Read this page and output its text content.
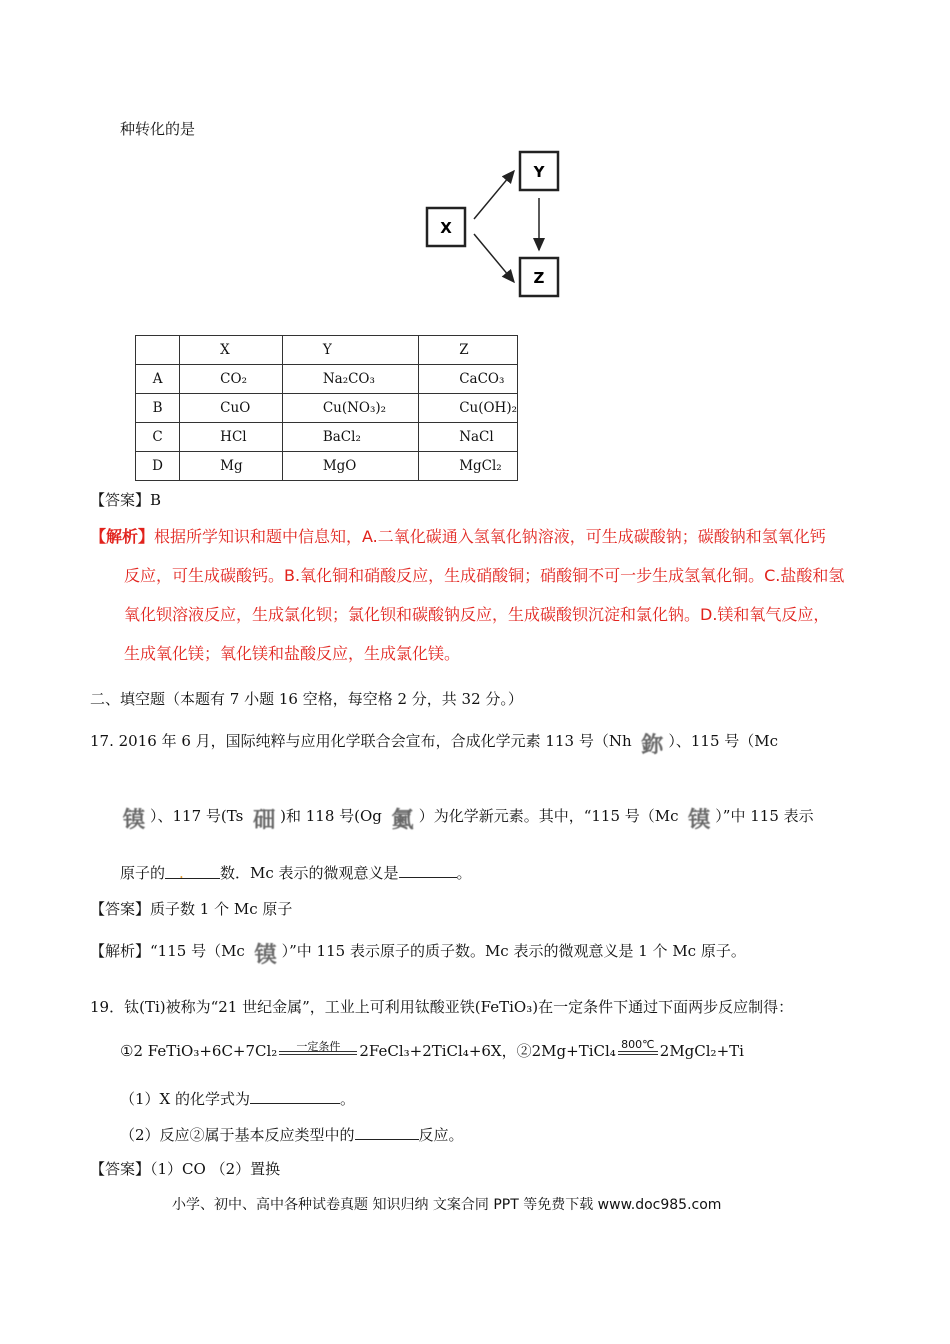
种转化的是
X
Y
Z
	X	Y	Z
A	CO₂	Na₂CO₃	CaCO₃
B	CuO	Cu(NO₃)₂	Cu(OH)₂
C	HCl	BaCl₂	NaCl
D	Mg	MgO	MgCl₂
【答案】B
【解析】根据所学知识和题中信息知，A.二氧化碳通入氢氧化钠溶液，可生成碳酸钠；碳酸钠和氢氧化钙
反应，可生成碳酸钙。B.氧化铜和硝酸反应，生成硝酸铜；硝酸铜不可一步生成氢氧化铜。C.盐酸和氢
氧化钡溶液反应，生成氯化钡；氯化钡和碳酸钠反应，生成碳酸钡沉淀和氯化钠。D.镁和氧气反应，
生成氧化镁；氧化镁和盐酸反应，生成氯化镁。
二、填空题（本题有 7 小题 16 空格，每空格 2 分，共 32 分。）
17. 2016 年 6 月，国际纯粹与应用化学联合会宣布，合成化学元素 113 号（Nh 鉨 ）、115 号（Mc
镆 ）、117 号(Ts 鿬 )和 118 号(Og 鿫 ）为化学新元素。其中，“115 号（Mc 镆 ）”中 115 表示
原子的 . 数．Mc 表示的微观意义是	。
【答案】质子数 1 个 Mc 原子
【解析】“115 号（Mc 镆 ）”中 115 表示原子的质子数。Mc 表示的微观意义是 1 个 Mc 原子。
19．钛(Ti)被称为“21 世纪金属”，工业上可利用钛酸亚铁(FeTiO₃)在一定条件下通过下面两步反应制得：
①2 FeTiO₃+6C+7Cl₂	一定条件	2FeCl₃+2TiCl₄+6X，②2Mg+TiCl₄ 800℃ 2MgCl₂+Ti
（1）X 的化学式为	。
（2）反应②属于基本反应类型中的	反应。
【答案】（1）CO （2）置换
小学、初中、高中各种试卷真题 知识归纳 文案合同 PPT 等免费下载 www.doc985.com
